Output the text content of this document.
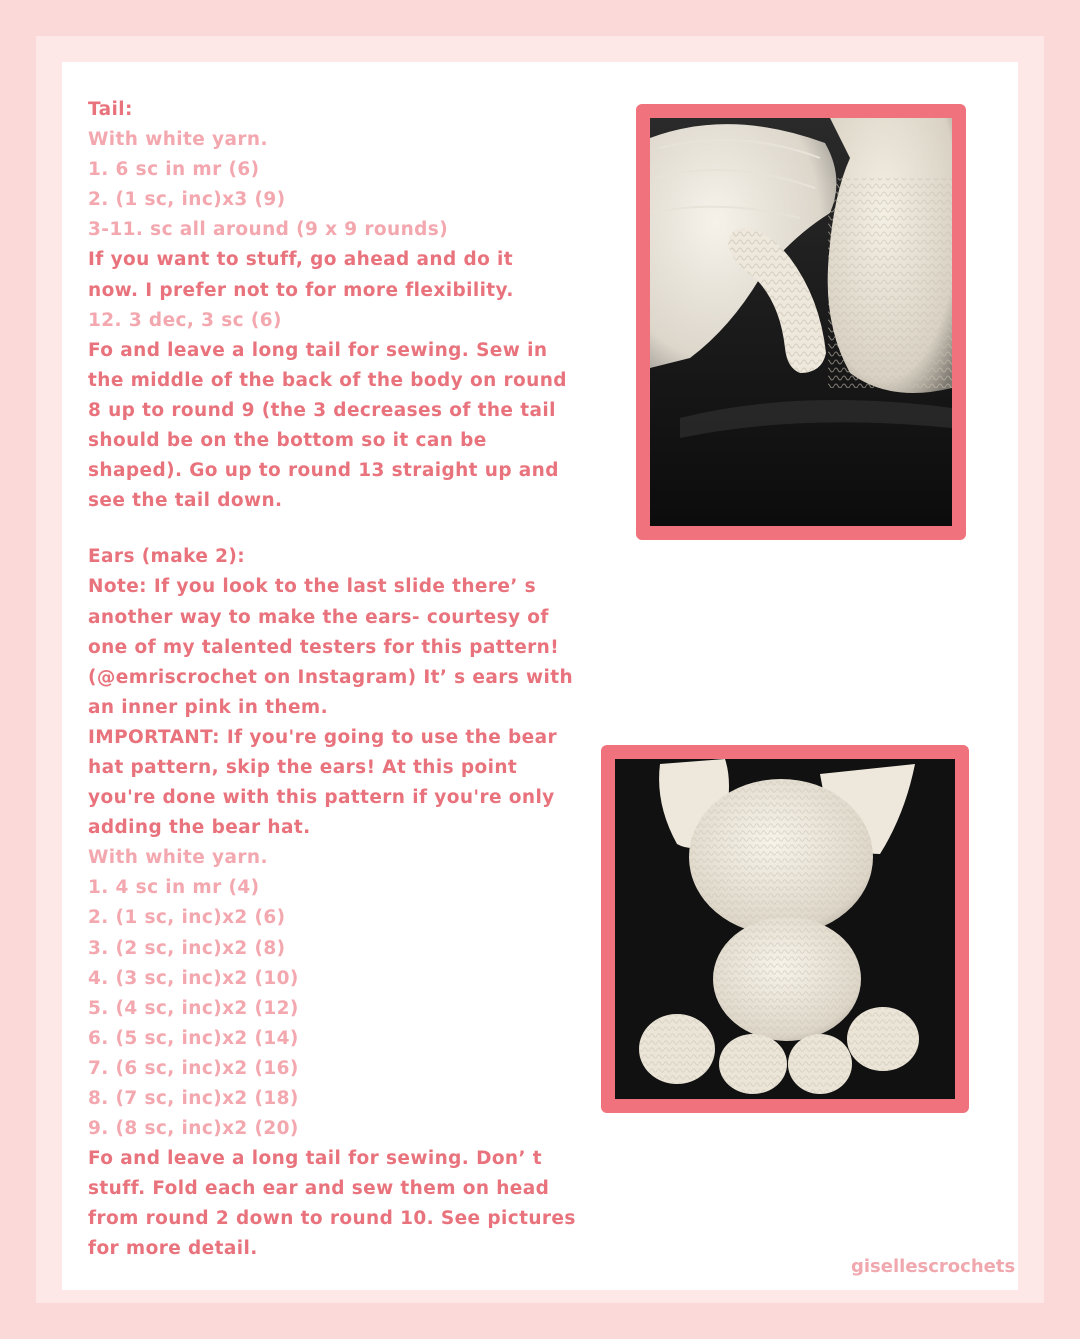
Tail:
With white yarn.
1. 6 sc in mr (6)
2. (1 sc, inc)x3 (9)
3-11. sc all around (9 x 9 rounds)
If you want to stuff, go ahead and do it
now. I prefer not to for more flexibility.
12. 3 dec, 3 sc (6)
Fo and leave a long tail for sewing. Sew in
the middle of the back of the body on round
8 up to round 9 (the 3 decreases of the tail
should be on the bottom so it can be
shaped). Go up to round 13 straight up and
see the tail down.
Ears (make 2):
Note: If you look to the last slide there’ s
another way to make the ears- courtesy of
one of my talented testers for this pattern!
(@emriscrochet on Instagram) It’ s ears with
an inner pink in them.
IMPORTANT: If you're going to use the bear
hat pattern, skip the ears! At this point
you're done with this pattern if you're only
adding the bear hat.
With white yarn.
1. 4 sc in mr (4)
2. (1 sc, inc)x2 (6)
3. (2 sc, inc)x2 (8)
4. (3 sc, inc)x2 (10)
5. (4 sc, inc)x2 (12)
6. (5 sc, inc)x2 (14)
7. (6 sc, inc)x2 (16)
8. (7 sc, inc)x2 (18)
9. (8 sc, inc)x2 (20)
Fo and leave a long tail for sewing. Don’ t
stuff. Fold each ear and sew them on head
from round 2 down to round 10. See pictures
for more detail.
gisellescrochets
